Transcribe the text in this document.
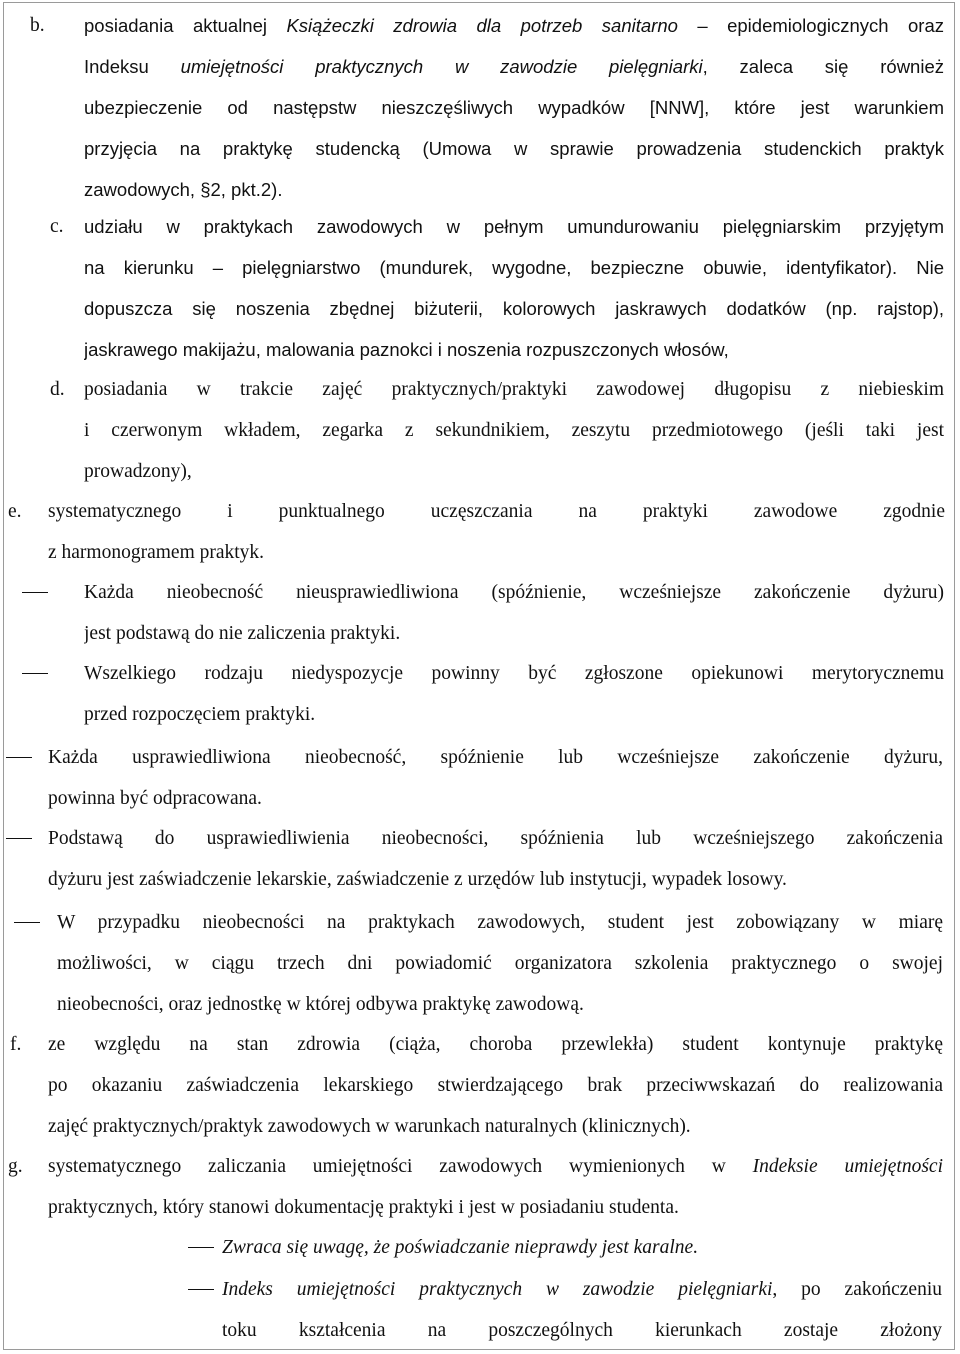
b. posiadania aktualnej Książeczki zdrowia dla potrzeb sanitarno – epidemiologicznych oraz
Indeksu umiejętności praktycznych w zawodzie pielęgniarki, zaleca się również
ubezpieczenie od następstw nieszczęśliwych wypadków [NNW], które jest warunkiem
przyjęcia na praktykę studencką (Umowa w sprawie prowadzenia studenckich praktyk
zawodowych, §2, pkt.2).
c. udziału w praktykach zawodowych w pełnym umundurowaniu pielęgniarskim przyjętym
na kierunku – pielęgniarstwo (mundurek, wygodne, bezpieczne obuwie, identyfikator). Nie
dopuszcza się noszenia zbędnej biżuterii, kolorowych jaskrawych dodatków (np. rajstop),
jaskrawego makijażu, malowania paznokci i noszenia rozpuszczonych włosów,
d. posiadania w trakcie zajęć praktycznych/praktyki zawodowej długopisu z niebieskim
i czerwonym wkładem, zegarka z sekundnikiem, zeszytu przedmiotowego (jeśli taki jest
prowadzony),
e. systematycznego i punktualnego uczęszczania na praktyki zawodowe zgodnie
z harmonogramem praktyk.
Każda nieobecność nieusprawiedliwiona (spóźnienie, wcześniejsze zakończenie dyżuru)
jest podstawą do nie zaliczenia praktyki.
Wszelkiego rodzaju niedyspozycje powinny być zgłoszone opiekunowi merytorycznemu
przed rozpoczęciem praktyki.
Każda usprawiedliwiona nieobecność, spóźnienie lub wcześniejsze zakończenie dyżuru,
powinna być odpracowana.
Podstawą do usprawiedliwienia nieobecności, spóźnienia lub wcześniejszego zakończenia
dyżuru jest zaświadczenie lekarskie, zaświadczenie z urzędów lub instytucji, wypadek losowy.
W przypadku nieobecności na praktykach zawodowych, student jest zobowiązany w miarę
możliwości, w ciągu trzech dni powiadomić organizatora szkolenia praktycznego o swojej
nieobecności, oraz jednostkę w której odbywa praktykę zawodową.
f. ze względu na stan zdrowia (ciąża, choroba przewlekła) student kontynuje praktykę
po okazaniu zaświadczenia lekarskiego stwierdzającego brak przeciwwskazań do realizowania
zajęć praktycznych/praktyk zawodowych w warunkach naturalnych (klinicznych).
g. systematycznego zaliczania umiejętności zawodowych wymienionych w Indeksie umiejętności
praktycznych, który stanowi dokumentację praktyki i jest w posiadaniu studenta.
Zwraca się uwagę, że poświadczanie nieprawdy jest karalne.
Indeks umiejętności praktycznych w zawodzie pielęgniarki, po zakończeniu
toku kształcenia na poszczególnych kierunkach zostaje złożony
